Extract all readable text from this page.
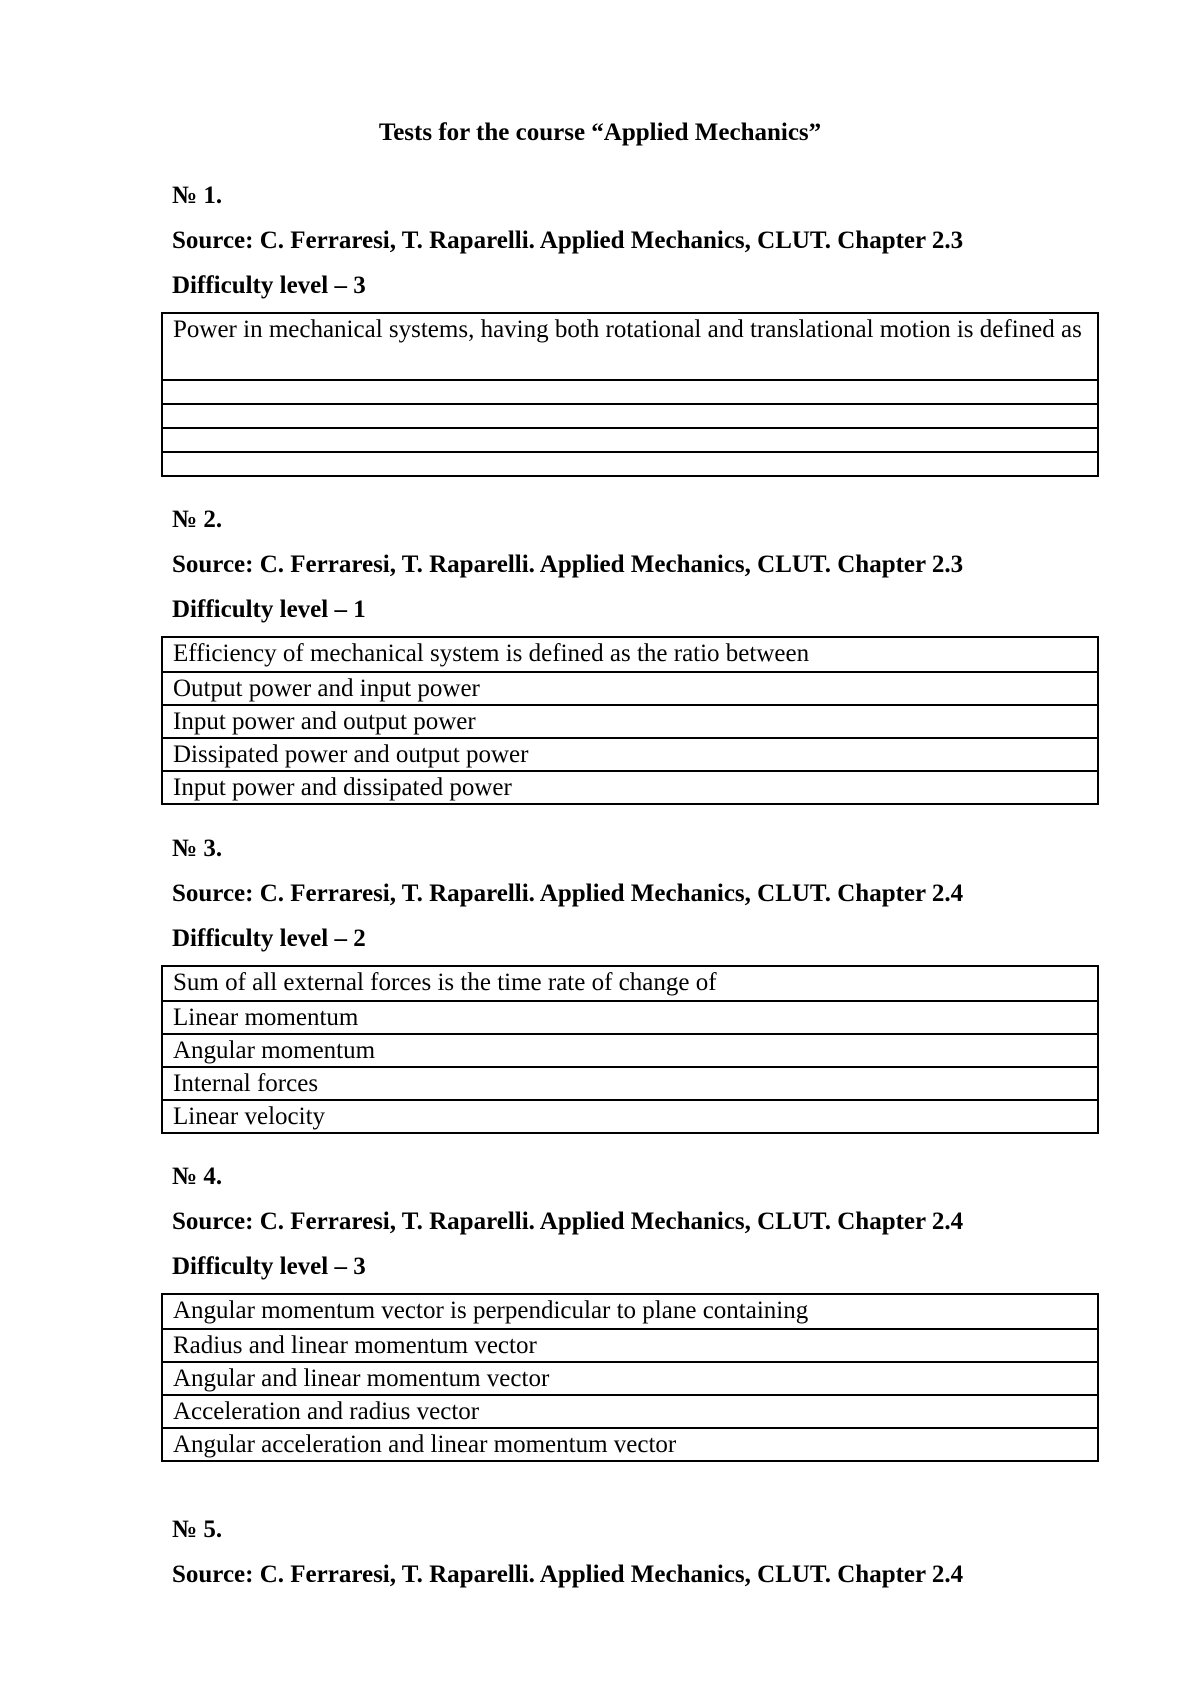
Tests for the course “Applied Mechanics”
№ 1.
Source: C. Ferraresi, T. Raparelli. Applied Mechanics, CLUT. Chapter 2.3
Difficulty level – 3
Power in mechanical systems, having both rotational and translational motion is defined as

№ 2.
Source: C. Ferraresi, T. Raparelli. Applied Mechanics, CLUT. Chapter 2.3
Difficulty level – 1
Efficiency of mechanical system is defined as the ratio between
Output power and input power
Input power and output power
Dissipated power and output power
Input power and dissipated power
№ 3.
Source: C. Ferraresi, T. Raparelli. Applied Mechanics, CLUT. Chapter 2.4
Difficulty level – 2
Sum of all external forces is the time rate of change of
Linear momentum
Angular momentum
Internal forces
Linear velocity
№ 4.
Source: C. Ferraresi, T. Raparelli. Applied Mechanics, CLUT. Chapter 2.4
Difficulty level – 3
Angular momentum vector is perpendicular to plane containing
Radius and linear momentum vector
Angular and linear momentum vector
Acceleration and radius vector
Angular acceleration and linear momentum vector
№ 5.
Source: C. Ferraresi, T. Raparelli. Applied Mechanics, CLUT. Chapter 2.4
